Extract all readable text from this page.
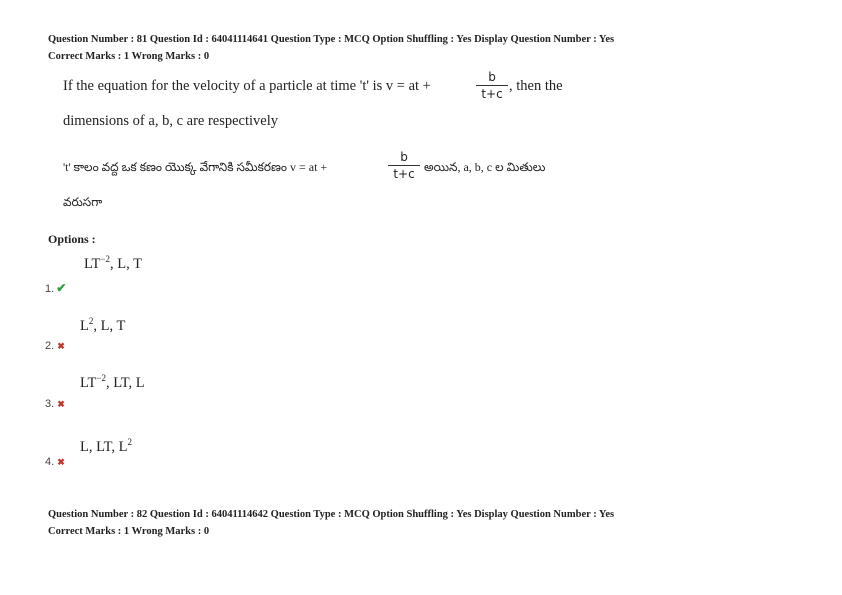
Question Number : 81 Question Id : 64041114641 Question Type : MCQ Option Shuffling : Yes Display Question Number : Yes
Correct Marks : 1 Wrong Marks : 0
If the equation for the velocity of a particle at time 't' is v = at +
b
t+c , then the
dimensions of a, b, c are respectively
't' కాలం వద్ద ఒక కణం యొక్క వేగానికి సమీకరణం v = at +
b
t+c అయిన, a, b, c ల మితులు
వరుసగా
Options :
$LT^{-2}$, L, T
1. ✔
$L^2$, L, T
2. ✖
$LT^{-2}$, LT, L
3. ✖
L, LT, $L^2$
4. ✖
Question Number : 82 Question Id : 64041114642 Question Type : MCQ Option Shuffling : Yes Display Question Number : Yes
Correct Marks : 1 Wrong Marks : 0
